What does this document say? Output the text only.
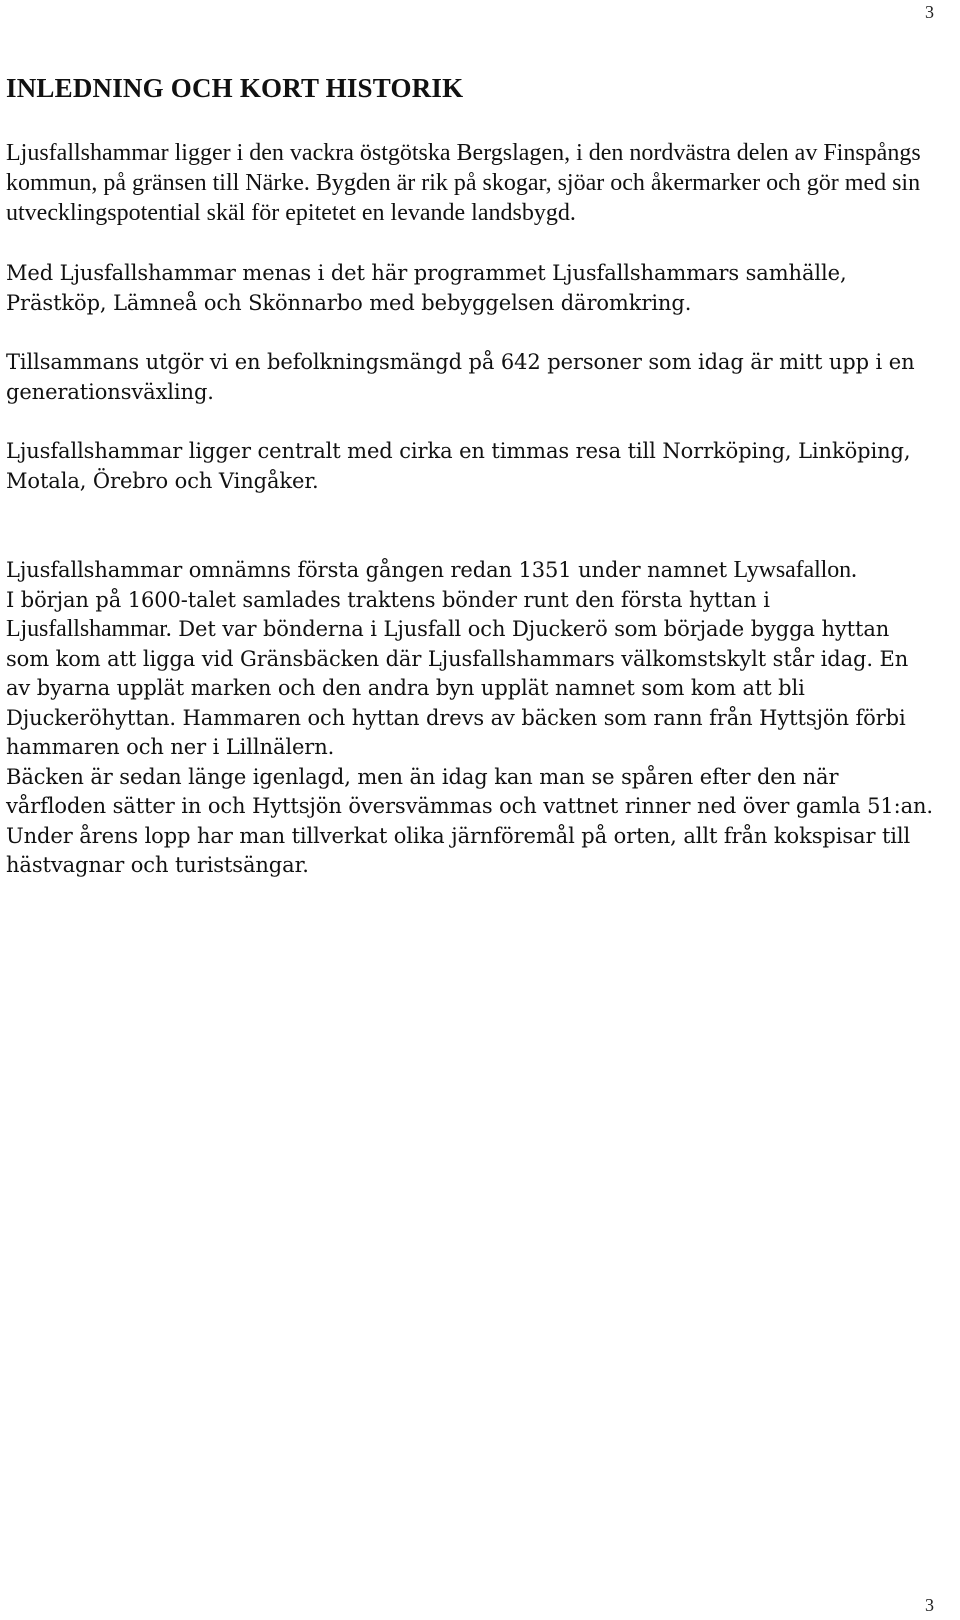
3
INLEDNING OCH KORT HISTORIK

Ljusfallshammar ligger i den vackra östgötska Bergslagen, i den nordvästra delen av Finspångs kommun, på gränsen till Närke. Bygden är rik på skogar, sjöar och åkermarker och gör med sin utvecklingspotential skäl för epitetet en levande landsbygd.

Med Ljusfallshammar menas i det här programmet Ljusfallshammars samhälle, Prästköp, Lämneå och Skönnarbo med bebyggelsen däromkring.

Tillsammans utgör vi en befolkningsmängd på 642 personer som idag är mitt upp i en generationsväxling.

Ljusfallshammar ligger centralt med cirka en timmas resa till Norrköping, Linköping, Motala, Örebro och Vingåker.

Ljusfallshammar omnämns första gången redan 1351 under namnet Lywsafallon.

I början på 1600-talet samlades traktens bönder runt den första hyttan i Ljusfallshammar. Det var bönderna i Ljusfall och Djuckerö som började bygga hyttan som kom att ligga vid Gränsbäcken där Ljusfallshammars välkomstskylt står idag. En av byarna upplät marken och den andra byn upplät namnet som kom att bli Djuckeröhyttan. Hammaren och hyttan drevs av bäcken som rann från Hyttsjön förbi hammaren och ner i Lillnälern.

Bäcken är sedan länge igenlagd, men än idag kan man se spåren efter den när vårfloden sätter in och Hyttsjön översvämmas och vattnet rinner ned över gamla 51:an.

Under årens lopp har man tillverkat olika järnföremål på orten, allt från kokspisar till hästvagnar och turistsängar.

3
